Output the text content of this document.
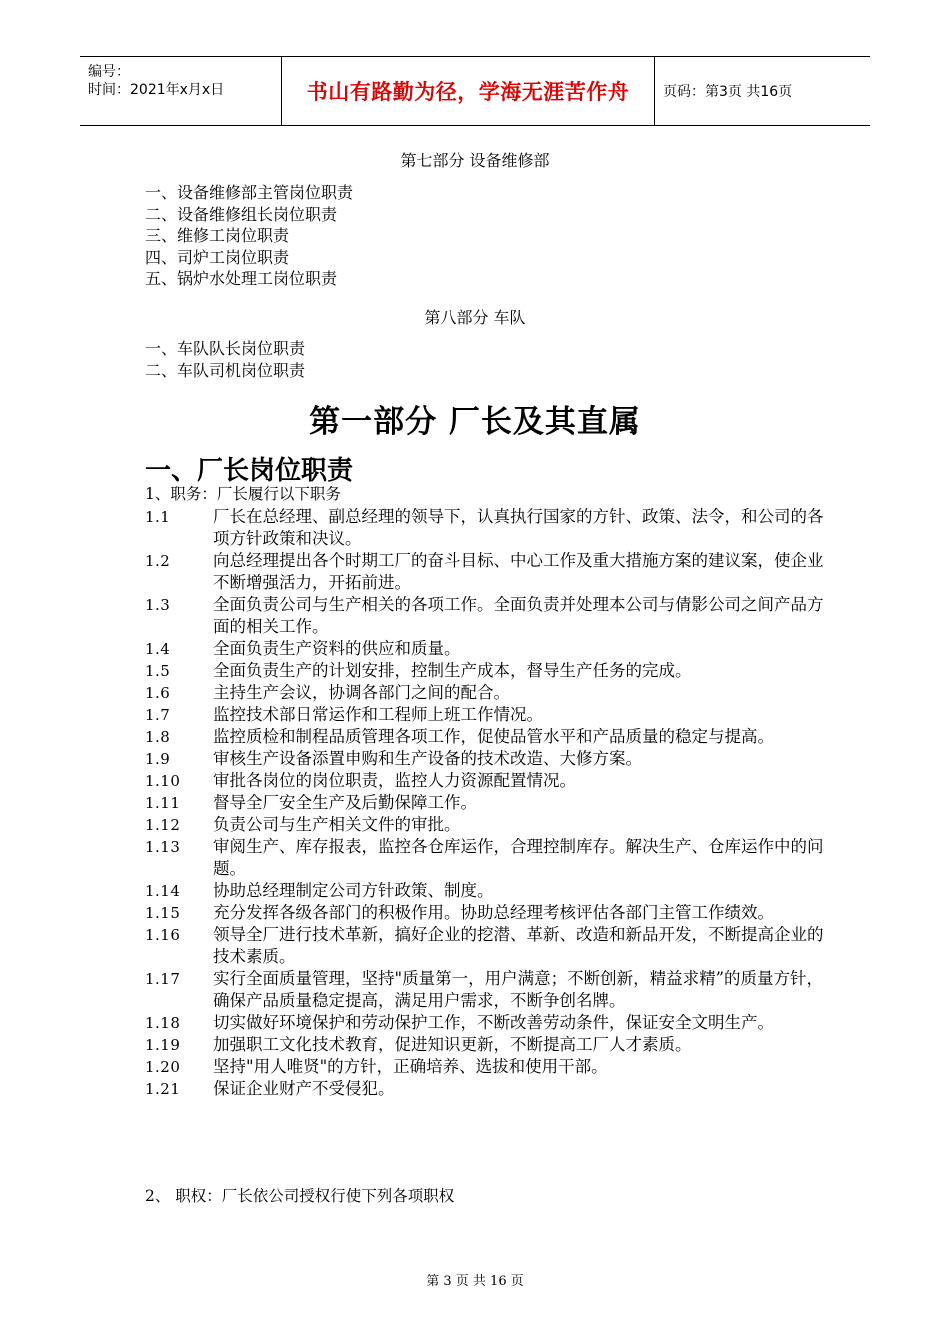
编号：
时间：2021年x月x日	书山有路勤为径，学海无涯苦作舟	页码：第3页 共16页
第七部分 设备维修部
一、设备维修部主管岗位职责
二、设备维修组长岗位职责
三、维修工岗位职责
四、司炉工岗位职责
五、锅炉水处理工岗位职责
第八部分 车队
一、车队队长岗位职责
二、车队司机岗位职责
第一部分 厂长及其直属
一、厂长岗位职责
1、职务：厂长履行以下职务
1.1	厂长在总经理、副总经理的领导下，认真执行国家的方针、政策、法令，和公司的各项方针政策和决议。
1.2	向总经理提出各个时期工厂的奋斗目标、中心工作及重大措施方案的建议案，使企业不断增强活力，开拓前进。
1.3	全面负责公司与生产相关的各项工作。全面负责并处理本公司与倩影公司之间产品方面的相关工作。
1.4	全面负责生产资料的供应和质量。
1.5	全面负责生产的计划安排，控制生产成本，督导生产任务的完成。
1.6	主持生产会议，协调各部门之间的配合。
1.7	监控技术部日常运作和工程师上班工作情况。
1.8	监控质检和制程品质管理各项工作，促使品管水平和产品质量的稳定与提高。
1.9	审核生产设备添置申购和生产设备的技术改造、大修方案。
1.10	审批各岗位的岗位职责，监控人力资源配置情况。
1.11	督导全厂安全生产及后勤保障工作。
1.12	负责公司与生产相关文件的审批。
1.13	审阅生产、库存报表，监控各仓库运作，合理控制库存。解决生产、仓库运作中的问题。
1.14	协助总经理制定公司方针政策、制度。
1.15	充分发挥各级各部门的积极作用。协助总经理考核评估各部门主管工作绩效。
1.16	领导全厂进行技术革新，搞好企业的挖潜、革新、改造和新品开发，不断提高企业的技术素质。
1.17	实行全面质量管理，坚持"质量第一，用户满意；不断创新，精益求精”的质量方针，确保产品质量稳定提高，满足用户需求，不断争创名牌。
1.18	切实做好环境保护和劳动保护工作，不断改善劳动条件，保证安全文明生产。
1.19	加强职工文化技术教育，促进知识更新，不断提高工厂人才素质。
1.20	坚持"用人唯贤"的方针，正确培养、选拔和使用干部。
1.21	保证企业财产不受侵犯。
2、 职权：厂长依公司授权行使下列各项职权
第 3 页 共 16 页
